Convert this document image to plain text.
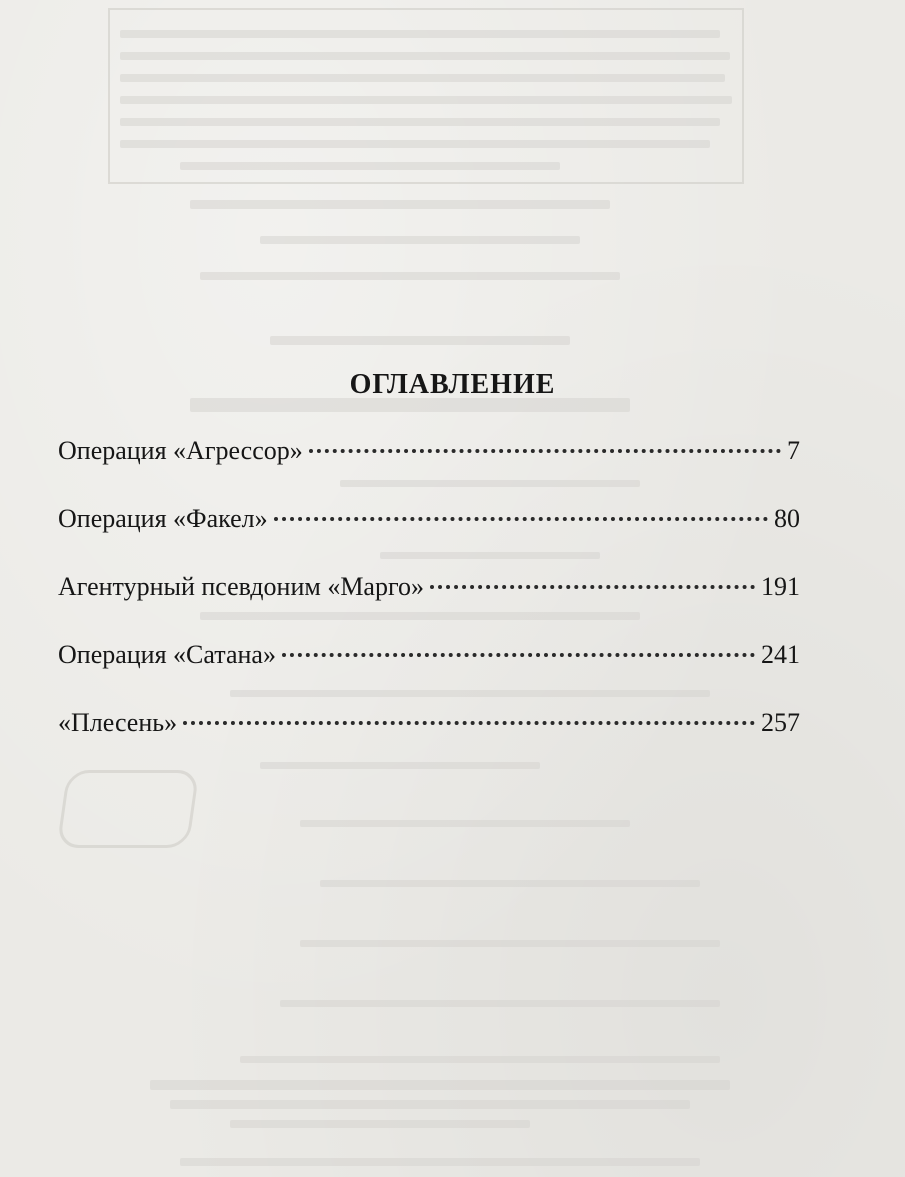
ОГЛАВЛЕНИЕ
Операция «Агрессор»	7
Операция «Факел»	80
Агентурный псевдоним «Марго»	191
Операция «Сатана»	241
«Плесень»	257
